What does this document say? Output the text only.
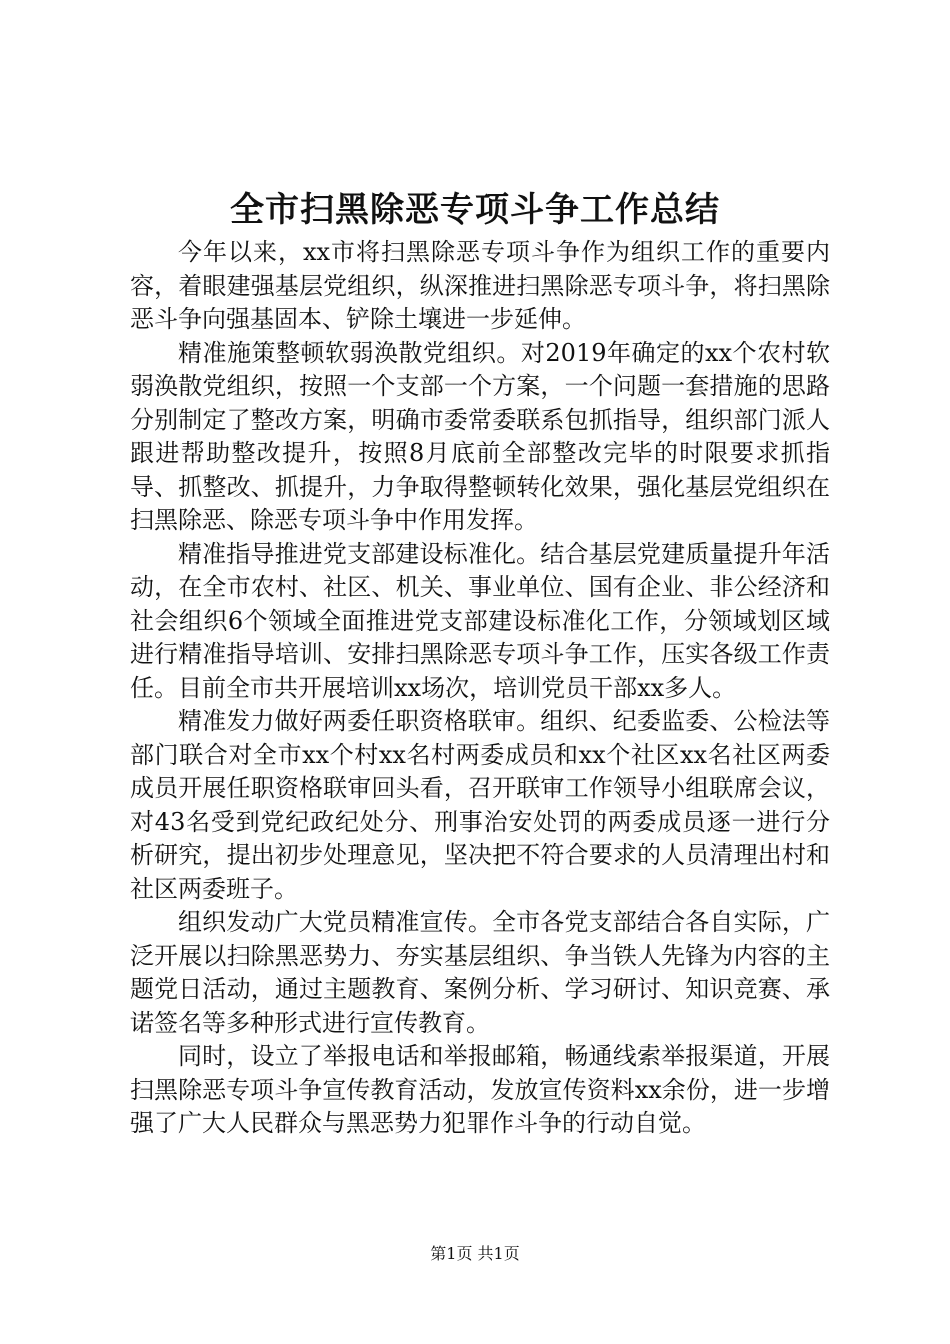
全市扫黑除恶专项斗争工作总结

今年以来，xx市将扫黑除恶专项斗争作为组织工作的重要内容，着眼建强基层党组织，纵深推进扫黑除恶专项斗争，将扫黑除恶斗争向强基固本、铲除土壤进一步延伸。

精准施策整顿软弱涣散党组织。对2019年确定的xx个农村软弱涣散党组织，按照一个支部一个方案，一个问题一套措施的思路分别制定了整改方案，明确市委常委联系包抓指导，组织部门派人跟进帮助整改提升，按照8月底前全部整改完毕的时限要求抓指导、抓整改、抓提升，力争取得整顿转化效果，强化基层党组织在扫黑除恶、除恶专项斗争中作用发挥。

精准指导推进党支部建设标准化。结合基层党建质量提升年活动，在全市农村、社区、机关、事业单位、国有企业、非公经济和社会组织6个领域全面推进党支部建设标准化工作，分领域划区域进行精准指导培训、安排扫黑除恶专项斗争工作，压实各级工作责任。目前全市共开展培训xx场次，培训党员干部xx多人。

精准发力做好两委任职资格联审。组织、纪委监委、公检法等部门联合对全市xx个村xx名村两委成员和xx个社区xx名社区两委成员开展任职资格联审回头看，召开联审工作领导小组联席会议，对43名受到党纪政纪处分、刑事治安处罚的两委成员逐一进行分析研究，提出初步处理意见，坚决把不符合要求的人员清理出村和社区两委班子。

组织发动广大党员精准宣传。全市各党支部结合各自实际，广泛开展以扫除黑恶势力、夯实基层组织、争当铁人先锋为内容的主题党日活动，通过主题教育、案例分析、学习研讨、知识竞赛、承诺签名等多种形式进行宣传教育。

同时，设立了举报电话和举报邮箱，畅通线索举报渠道，开展扫黑除恶专项斗争宣传教育活动，发放宣传资料xx余份，进一步增强了广大人民群众与黑恶势力犯罪作斗争的行动自觉。

第1页 共1页
